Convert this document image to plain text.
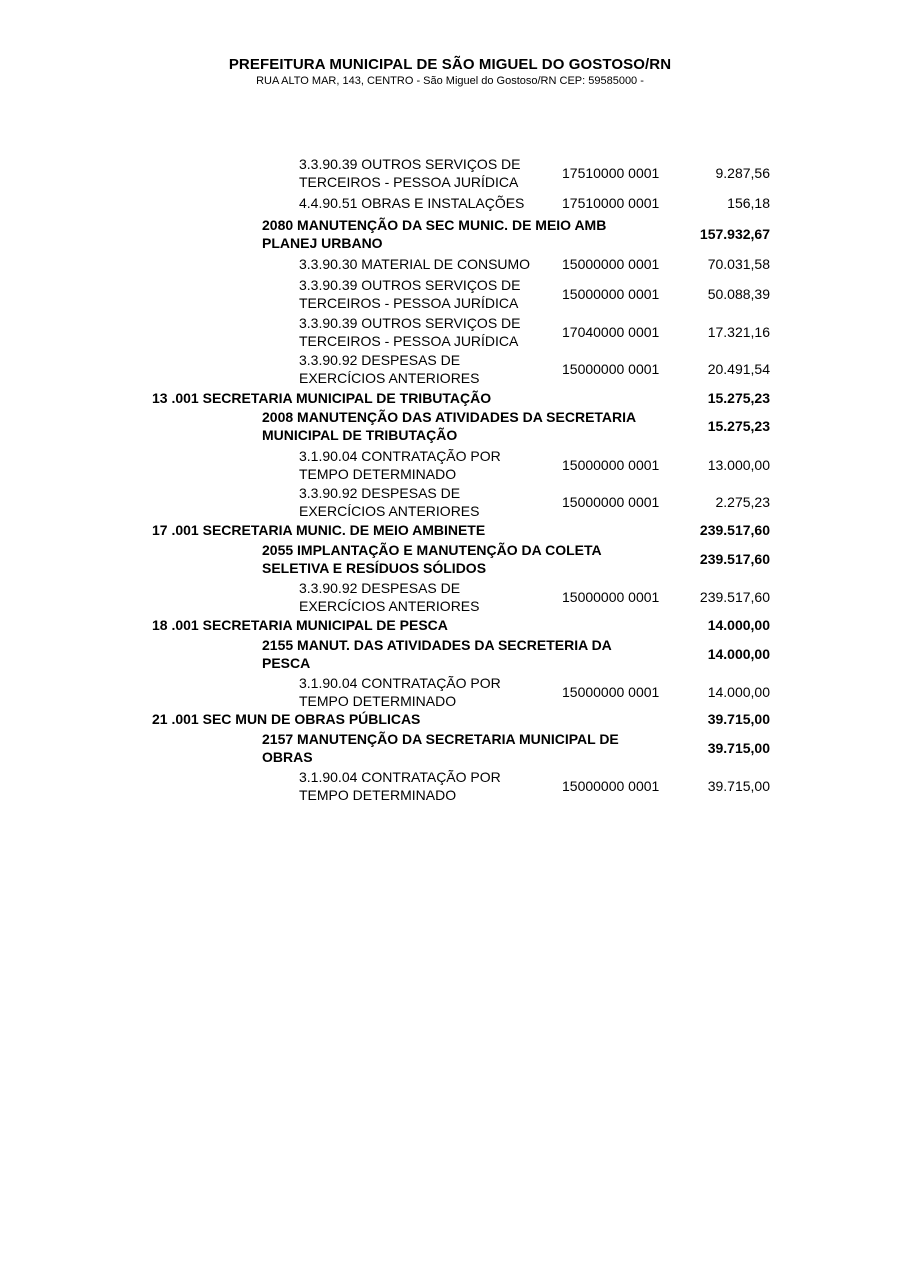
PREFEITURA MUNICIPAL DE SÃO MIGUEL DO GOSTOSO/RN
RUA ALTO MAR, 143, CENTRO - São Miguel do Gostoso/RN CEP: 59585000 -
3.3.90.39 OUTROS SERVIÇOS DE
TERCEIROS - PESSOA JURÍDICA
17510000 0001	9.287,56
4.4.90.51 OBRAS E INSTALAÇÕES	17510000 0001	156,18
2080 MANUTENÇÃO DA SEC MUNIC. DE MEIO AMB
PLANEJ URBANO
157.932,67
3.3.90.30 MATERIAL DE CONSUMO	15000000 0001	70.031,58
3.3.90.39 OUTROS SERVIÇOS DE
TERCEIROS - PESSOA JURÍDICA
15000000 0001	50.088,39
3.3.90.39 OUTROS SERVIÇOS DE
TERCEIROS - PESSOA JURÍDICA
17040000 0001	17.321,16
3.3.90.92 DESPESAS DE
EXERCÍCIOS ANTERIORES
15000000 0001	20.491,54
13 .001 SECRETARIA MUNICIPAL DE TRIBUTAÇÃO	15.275,23
2008 MANUTENÇÃO DAS ATIVIDADES DA SECRETARIA
MUNICIPAL DE TRIBUTAÇÃO
15.275,23
3.1.90.04 CONTRATAÇÃO POR
TEMPO DETERMINADO
15000000 0001	13.000,00
3.3.90.92 DESPESAS DE
EXERCÍCIOS ANTERIORES
15000000 0001	2.275,23
17 .001 SECRETARIA MUNIC. DE MEIO AMBINETE	239.517,60
2055 IMPLANTAÇÃO E MANUTENÇÃO DA COLETA
SELETIVA E RESÍDUOS SÓLIDOS
239.517,60
3.3.90.92 DESPESAS DE
EXERCÍCIOS ANTERIORES
15000000 0001	239.517,60
18 .001 SECRETARIA MUNICIPAL DE PESCA	14.000,00
2155 MANUT. DAS ATIVIDADES DA SECRETERIA DA
PESCA
14.000,00
3.1.90.04 CONTRATAÇÃO POR
TEMPO DETERMINADO
15000000 0001	14.000,00
21 .001 SEC MUN DE OBRAS PÚBLICAS	39.715,00
2157 MANUTENÇÃO DA SECRETARIA MUNICIPAL DE
OBRAS
39.715,00
3.1.90.04 CONTRATAÇÃO POR
TEMPO DETERMINADO
15000000 0001	39.715,00
